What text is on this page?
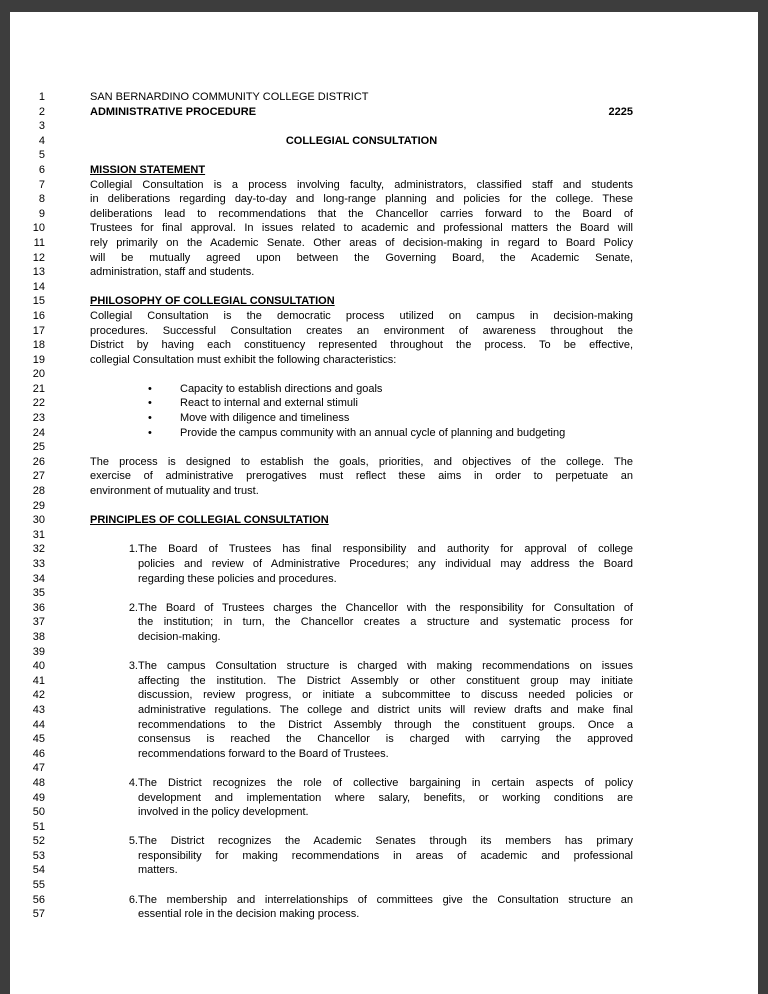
1	SAN BERNARDINO COMMUNITY COLLEGE DISTRICT
2	ADMINISTRATIVE PROCEDURE	2225
3
4	COLLEGIAL CONSULTATION
5
6	MISSION STATEMENT
7	Collegial Consultation is a process involving faculty, administrators, classified staff and students
8	in deliberations regarding day-to-day and long-range planning and policies for the college. These
9	deliberations lead to recommendations that the Chancellor carries forward to the Board of
10	Trustees for final approval. In issues related to academic and professional matters the Board will
11	rely primarily on the Academic Senate. Other areas of decision-making in regard to Board Policy
12	will be mutually agreed upon between the Governing Board, the Academic Senate,
13	administration, staff and students.
14
15	PHILOSOPHY OF COLLEGIAL CONSULTATION
16	Collegial Consultation is the democratic process utilized on campus in decision-making
17	procedures. Successful Consultation creates an environment of awareness throughout the
18	District by having each constituency represented throughout the process. To be effective,
19	collegial Consultation must exhibit the following characteristics:
20
21	•	Capacity to establish directions and goals
22	•	React to internal and external stimuli
23	•	Move with diligence and timeliness
24	•	Provide the campus community with an annual cycle of planning and budgeting
25
26	The process is designed to establish the goals, priorities, and objectives of the college. The
27	exercise of administrative prerogatives must reflect these aims in order to perpetuate an
28	environment of mutuality and trust.
29
30	PRINCIPLES OF COLLEGIAL CONSULTATION
31
32	1. The Board of Trustees has final responsibility and authority for approval of college
33	policies and review of Administrative Procedures; any individual may address the Board
34	regarding these policies and procedures.
35
36	2. The Board of Trustees charges the Chancellor with the responsibility for Consultation of
37	the institution; in turn, the Chancellor creates a structure and systematic process for
38	decision-making.
39
40	3. The campus Consultation structure is charged with making recommendations on issues
41	affecting the institution. The District Assembly or other constituent group may initiate
42	discussion, review progress, or initiate a subcommittee to discuss needed policies or
43	administrative regulations. The college and district units will review drafts and make final
44	recommendations to the District Assembly through the constituent groups. Once a
45	consensus is reached the Chancellor is charged with carrying the approved
46	recommendations forward to the Board of Trustees.
47
48	4. The District recognizes the role of collective bargaining in certain aspects of policy
49	development and implementation where salary, benefits, or working conditions are
50	involved in the policy development.
51
52	5. The District recognizes the Academic Senates through its members has primary
53	responsibility for making recommendations in areas of academic and professional
54	matters.
55
56	6. The membership and interrelationships of committees give the Consultation structure an
57	essential role in the decision making process.
